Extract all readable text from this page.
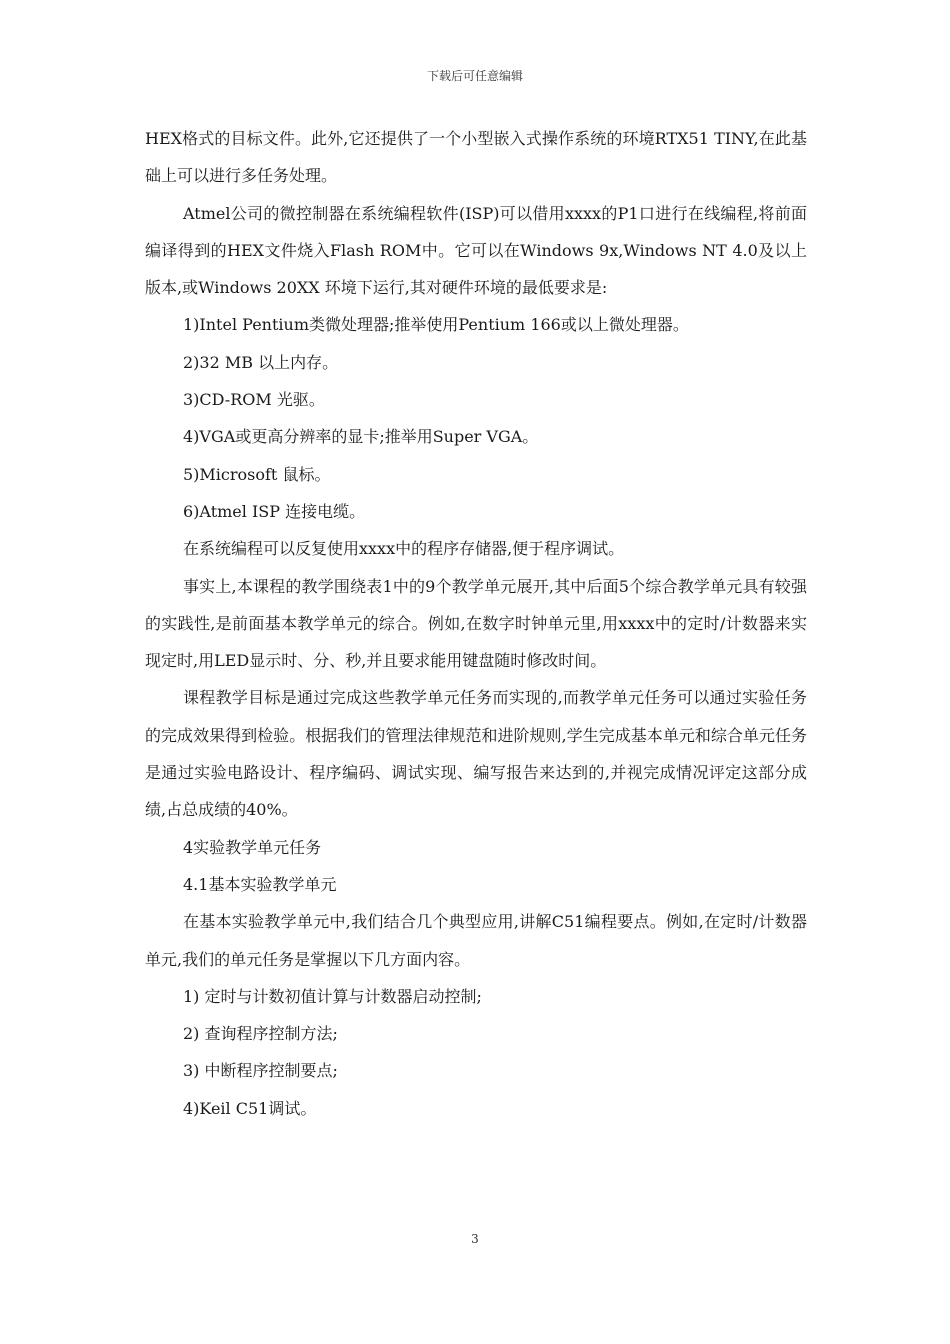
下载后可任意编辑

HEX格式的目标文件。此外,它还提供了一个小型嵌入式操作系统的环境RTX51 TINY,在此基础上可以进行多任务处理。

Atmel公司的微控制器在系统编程软件(ISP)可以借用xxxx的P1口进行在线编程,将前面编译得到的HEX文件烧入Flash ROM中。它可以在Windows 9x,Windows NT 4.0及以上版本,或Windows 20XX 环境下运行,其对硬件环境的最低要求是:

1)Intel Pentium类微处理器;推举使用Pentium 166或以上微处理器。

2)32 MB 以上内存。

3)CD-ROM 光驱。

4)VGA或更高分辨率的显卡;推举用Super VGA。

5)Microsoft 鼠标。

6)Atmel ISP 连接电缆。

在系统编程可以反复使用xxxx中的程序存储器,便于程序调试。

事实上,本课程的教学围绕表1中的9个教学单元展开,其中后面5个综合教学单元具有较强的实践性,是前面基本教学单元的综合。例如,在数字时钟单元里,用xxxx中的定时/计数器来实现定时,用LED显示时、分、秒,并且要求能用键盘随时修改时间。

课程教学目标是通过完成这些教学单元任务而实现的,而教学单元任务可以通过实验任务的完成效果得到检验。根据我们的管理法律规范和进阶规则,学生完成基本单元和综合单元任务是通过实验电路设计、程序编码、调试实现、编写报告来达到的,并视完成情况评定这部分成绩,占总成绩的40%。

4实验教学单元任务

4.1基本实验教学单元

在基本实验教学单元中,我们结合几个典型应用,讲解C51编程要点。例如,在定时/计数器单元,我们的单元任务是掌握以下几方面内容。

1) 定时与计数初值计算与计数器启动控制;

2) 查询程序控制方法;

3) 中断程序控制要点;

4)Keil C51调试。

3
